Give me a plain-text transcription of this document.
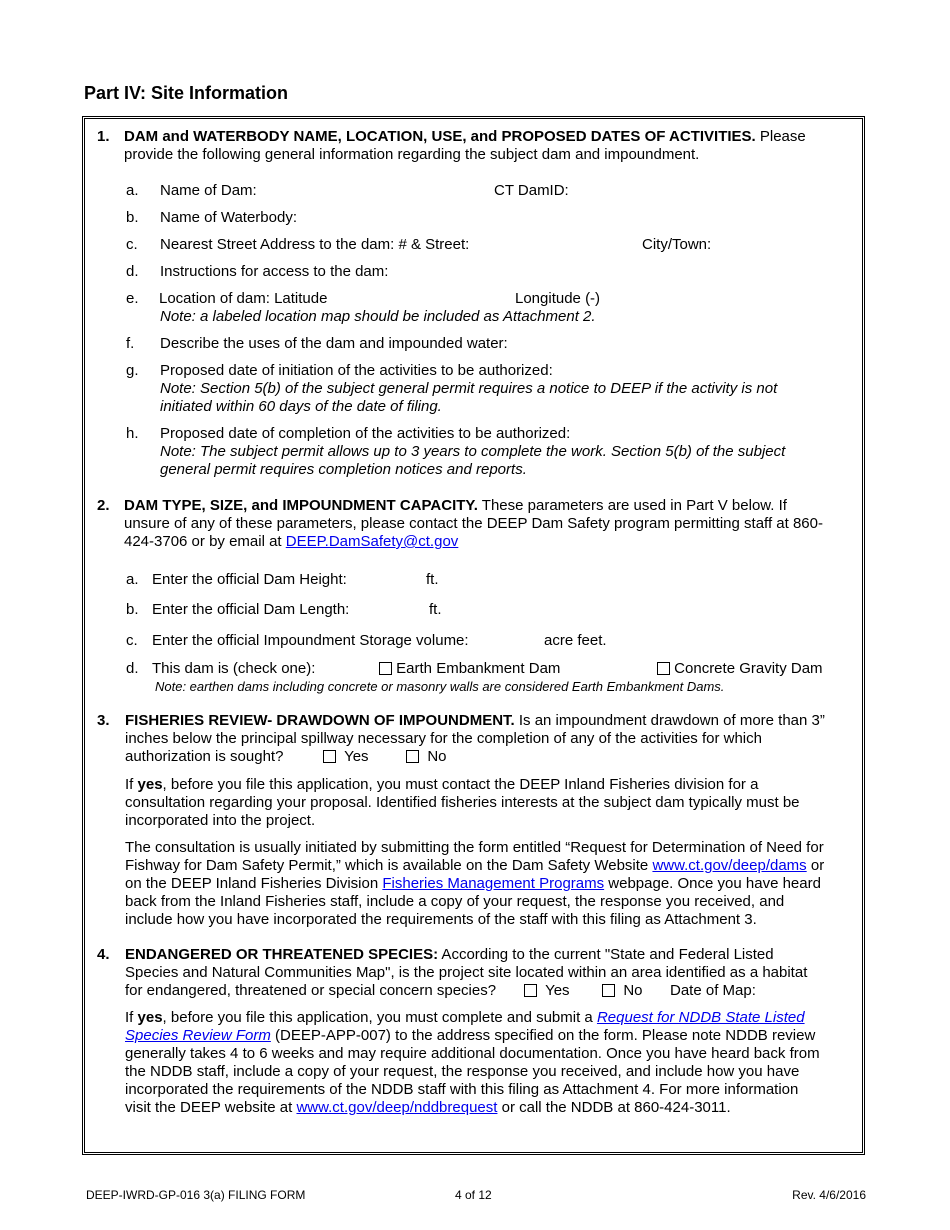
Part IV: Site Information
1. DAM and WATERBODY NAME, LOCATION, USE, and PROPOSED DATES OF ACTIVITIES. Please
provide the following general information regarding the subject dam and impoundment.
a. Name of Dam:	CT DamID:
b. Name of Waterbody:
c. Nearest Street Address to the dam: # & Street:	City/Town:
d. Instructions for access to the dam:
e. Location of dam: Latitude	Longitude (-)
Note: a labeled location map should be included as Attachment 2.
f. Describe the uses of the dam and impounded water:
g. Proposed date of initiation of the activities to be authorized:
Note: Section 5(b) of the subject general permit requires a notice to DEEP if the activity is not
initiated within 60 days of the date of filing.
h. Proposed date of completion of the activities to be authorized:
Note: The subject permit allows up to 3 years to complete the work. Section 5(b) of the subject
general permit requires completion notices and reports.
2. DAM TYPE, SIZE, and IMPOUNDMENT CAPACITY. These parameters are used in Part V below. If
unsure of any of these parameters, please contact the DEEP Dam Safety program permitting staff at 860-
424-3706 or by email at DEEP.DamSafety@ct.gov
a. Enter the official Dam Height:	ft.
b. Enter the official Dam Length:	ft.
c. Enter the official Impoundment Storage volume:	acre feet.
d. This dam is (check one):	Earth Embankment Dam	Concrete Gravity Dam
Note: earthen dams including concrete or masonry walls are considered Earth Embankment Dams.
3. FISHERIES REVIEW- DRAWDOWN OF IMPOUNDMENT. Is an impoundment drawdown of more than 3”
inches below the principal spillway necessary for the completion of any of the activities for which
authorization is sought?	Yes	No
If yes, before you file this application, you must contact the DEEP Inland Fisheries division for a
consultation regarding your proposal. Identified fisheries interests at the subject dam typically must be
incorporated into the project.
The consultation is usually initiated by submitting the form entitled “Request for Determination of Need for
Fishway for Dam Safety Permit,” which is available on the Dam Safety Website www.ct.gov/deep/dams or
on the DEEP Inland Fisheries Division Fisheries Management Programs webpage. Once you have heard
back from the Inland Fisheries staff, include a copy of your request, the response you received, and
include how you have incorporated the requirements of the staff with this filing as Attachment 3.
4. ENDANGERED OR THREATENED SPECIES: According to the current "State and Federal Listed
Species and Natural Communities Map", is the project site located within an area identified as a habitat
for endangered, threatened or special concern species?	Yes	No Date of Map:
If yes, before you file this application, you must complete and submit a Request for NDDB State Listed
Species Review Form (DEEP-APP-007) to the address specified on the form. Please note NDDB review
generally takes 4 to 6 weeks and may require additional documentation. Once you have heard back from
the NDDB staff, include a copy of your request, the response you received, and include how you have
incorporated the requirements of the NDDB staff with this filing as Attachment 4. For more information
visit the DEEP website at www.ct.gov/deep/nddbrequest or call the NDDB at 860-424-3011.
DEEP-IWRD-GP-016 3(a) FILING FORM	4 of 12	Rev. 4/6/2016
